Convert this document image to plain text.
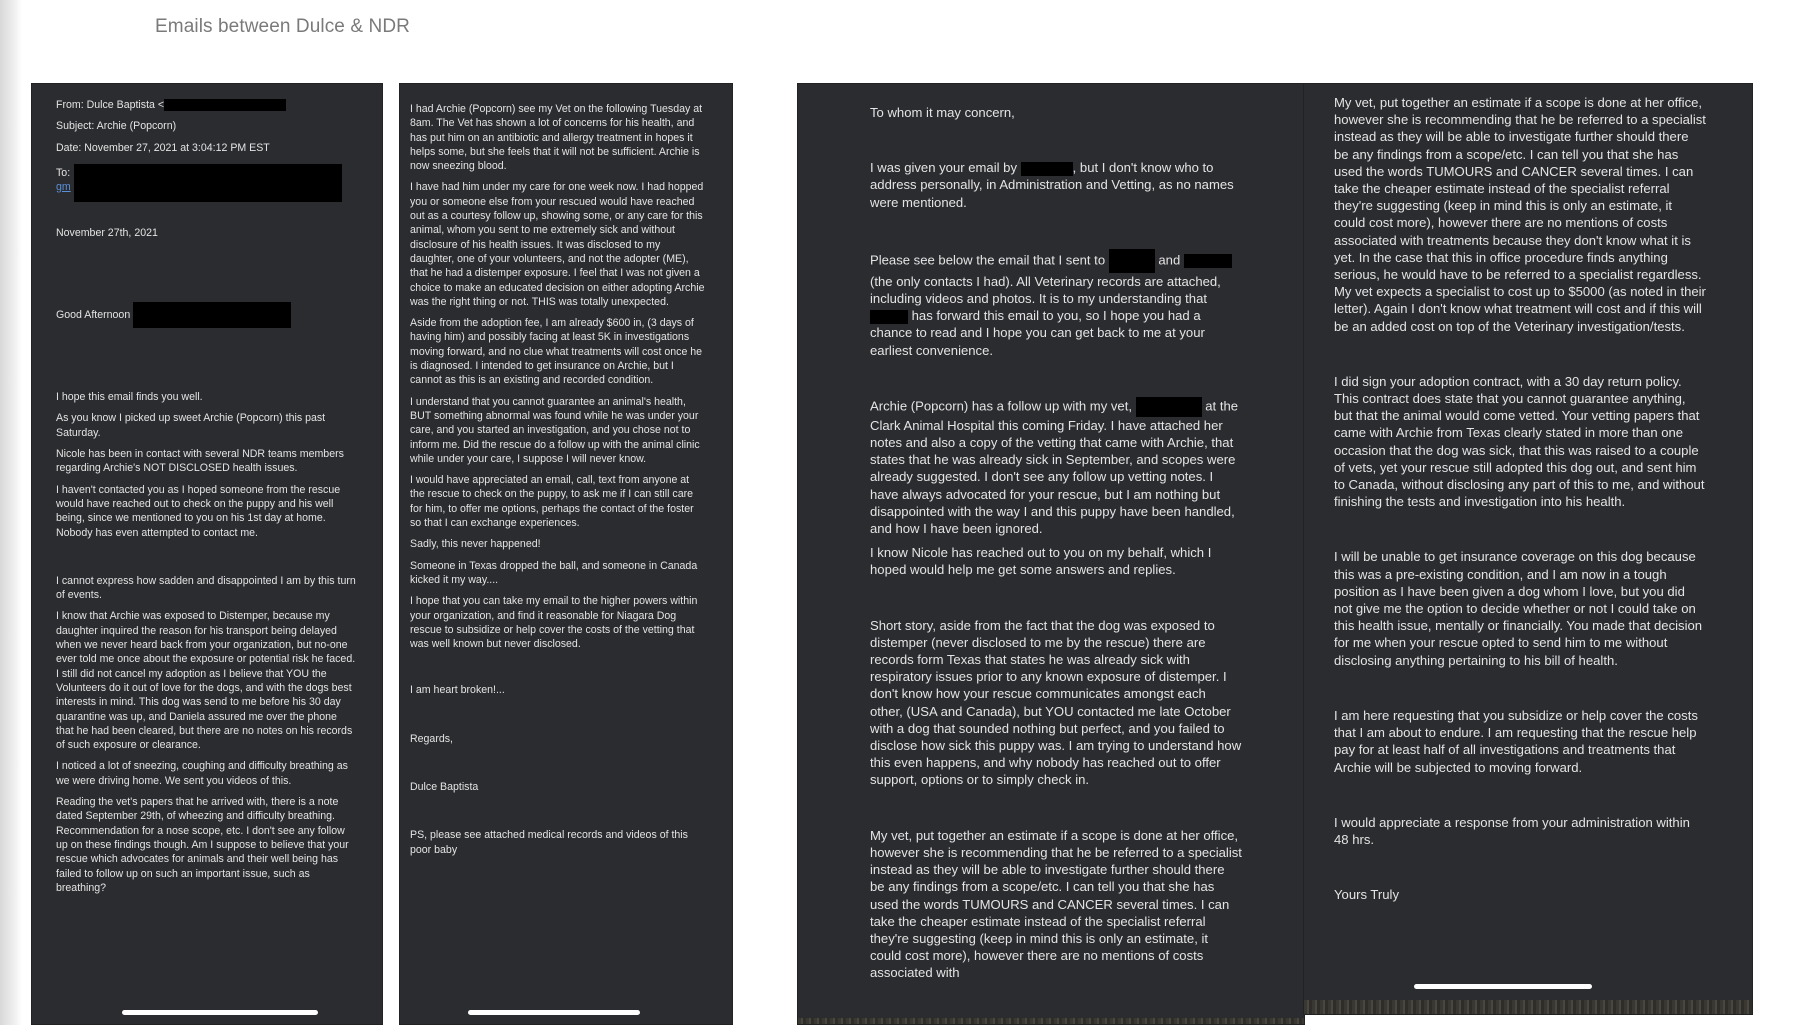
Emails between Dulce & NDR

From: Dulce Baptista <

Subject: Archie (Popcorn)

Date: November 27, 2021 at 3:04:12 PM EST

To:

gm

November 27th, 2021

Good Afternoon

I hope this email finds you well.

As you know I picked up sweet Archie (Popcorn) this past Saturday.

Nicole has been in contact with several NDR teams members regarding Archie's NOT DISCLOSED health issues.

I haven't contacted you as I hoped someone from the rescue would have reached out to check on the puppy and his well being, since we mentioned to you on his 1st day at home. Nobody has even attempted to contact me.

I cannot express how sadden and disappointed I am by this turn of events.

I know that Archie was exposed to Distemper, because my daughter inquired the reason for his transport being delayed when we never heard back from your organization, but no-one ever told me once about the exposure or potential risk he faced. I still did not cancel my adoption as I believe that YOU the Volunteers do it out of love for the dogs, and with the dogs best interests in mind. This dog was send to me before his 30 day quarantine was up, and Daniela assured me over the phone that he had been cleared, but there are no notes on his records of such exposure or clearance.

I noticed a lot of sneezing, coughing and difficulty breathing as we were driving home. We sent you videos of this.

Reading the vet's papers that he arrived with, there is a note dated September 29th, of wheezing and difficulty breathing. Recommendation for a nose scope, etc. I don't see any follow up on these findings though. Am I suppose to believe that your rescue which advocates for animals and their well being has failed to follow up on such an important issue, such as breathing?

I had Archie (Popcorn) see my Vet on the following Tuesday at 8am. The Vet has shown a lot of concerns for his health, and has put him on an antibiotic and allergy treatment in hopes it helps some, but she feels that it will not be sufficient. Archie is now sneezing blood.

I have had him under my care for one week now. I had hopped you or someone else from your rescued would have reached out as a courtesy follow up, showing some, or any care for this animal, whom you sent to me extremely sick and without disclosure of his health issues. It was disclosed to my daughter, one of your volunteers, and not the adopter (ME), that he had a distemper exposure. I feel that I was not given a choice to make an educated decision on either adopting Archie was the right thing or not. THIS was totally unexpected.

Aside from the adoption fee, I am already $600 in, (3 days of having him) and possibly facing at least 5K in investigations moving forward, and no clue what treatments will cost once he is diagnosed. I intended to get insurance on Archie, but I cannot as this is an existing and recorded condition.

I understand that you cannot guarantee an animal's health, BUT something abnormal was found while he was under your care, and you started an investigation, and you chose not to inform me. Did the rescue do a follow up with the animal clinic while under your care, I suppose I will never know.

I would have appreciated an email, call, text from anyone at the rescue to check on the puppy, to ask me if I can still care for him, to offer me options, perhaps the contact of the foster so that I can exchange experiences.

Sadly, this never happened!

Someone in Texas dropped the ball, and someone in Canada kicked it my way....

I hope that you can take my email to the higher powers within your organization, and find it reasonable for Niagara Dog rescue to subsidize or help cover the costs of the vetting that was well known but never disclosed.

I am heart broken!...

Regards,

Dulce Baptista

PS, please see attached medical records and videos of this poor baby

To whom it may concern,

I was given your email by	, but I don't know who to address personally, in Administration and Vetting, as no names were mentioned.

Please see below the email that I sent to	and  (the only contacts I had). All Veterinary records are attached, including videos and photos. It is to my understanding that  has forward this email to you, so I hope you had a chance to read and I hope you can get back to me at your earliest convenience.

Archie (Popcorn) has a follow up with my vet,	at the Clark Animal Hospital this coming Friday. I have attached her notes and also a copy of the vetting that came with Archie, that states that he was already sick in September, and scopes were already suggested. I don't see any follow up vetting notes. I have always advocated for your rescue, but I am nothing but disappointed with the way I and this puppy have been handled, and how I have been ignored.

I know Nicole has reached out to you on my behalf, which I hoped would help me get some answers and replies.

Short story, aside from the fact that the dog was exposed to distemper (never disclosed to me by the rescue) there are records form Texas that states he was already sick with respiratory issues prior to any known exposure of distemper. I don't know how your rescue communicates amongst each other, (USA and Canada), but YOU contacted me late October with a dog that sounded nothing but perfect, and you failed to disclose how sick this puppy was. I am trying to understand how this even happens, and why nobody has reached out to offer support, options or to simply check in.

My vet, put together an estimate if a scope is done at her office, however she is recommending that he be referred to a specialist instead as they will be able to investigate further should there be any findings from a scope/etc. I can tell you that she has used the words TUMOURS and CANCER several times. I can take the cheaper estimate instead of the specialist referral they're suggesting (keep in mind this is only an estimate, it could cost more), however there are no mentions of costs associated with

My vet, put together an estimate if a scope is done at her office, however she is recommending that he be referred to a specialist instead as they will be able to investigate further should there be any findings from a scope/etc. I can tell you that she has used the words TUMOURS and CANCER several times. I can take the cheaper estimate instead of the specialist referral they're suggesting (keep in mind this is only an estimate, it could cost more), however there are no mentions of costs associated with treatments because they don't know what it is yet. In the case that this in office procedure finds anything serious, he would have to be referred to a specialist regardless. My vet expects a specialist to cost up to $5000 (as noted in their letter). Again I don't know what treatment will cost and if this will be an added cost on top of the Veterinary investigation/tests.

I did sign your adoption contract, with a 30 day return policy. This contract does state that you cannot guarantee anything, but that the animal would come vetted. Your vetting papers that came with Archie from Texas clearly stated in more than one occasion that the dog was sick, that this was raised to a couple of vets, yet your rescue still adopted this dog out, and sent him to Canada, without disclosing any part of this to me, and without finishing the tests and investigation into his health.

I will be unable to get insurance coverage on this dog because this was a pre-existing condition, and I am now in a tough position as I have been given a dog whom I love, but you did not give me the option to decide whether or not I could take on this health issue, mentally or financially. You made that decision for me when your rescue opted to send him to me without disclosing anything pertaining to his bill of health.

I am here requesting that you subsidize or help cover the costs that I am about to endure. I am requesting that the rescue help pay for at least half of all investigations and treatments that Archie will be subjected to moving forward.

I would appreciate a response from your administration within 48 hrs.

Yours Truly
